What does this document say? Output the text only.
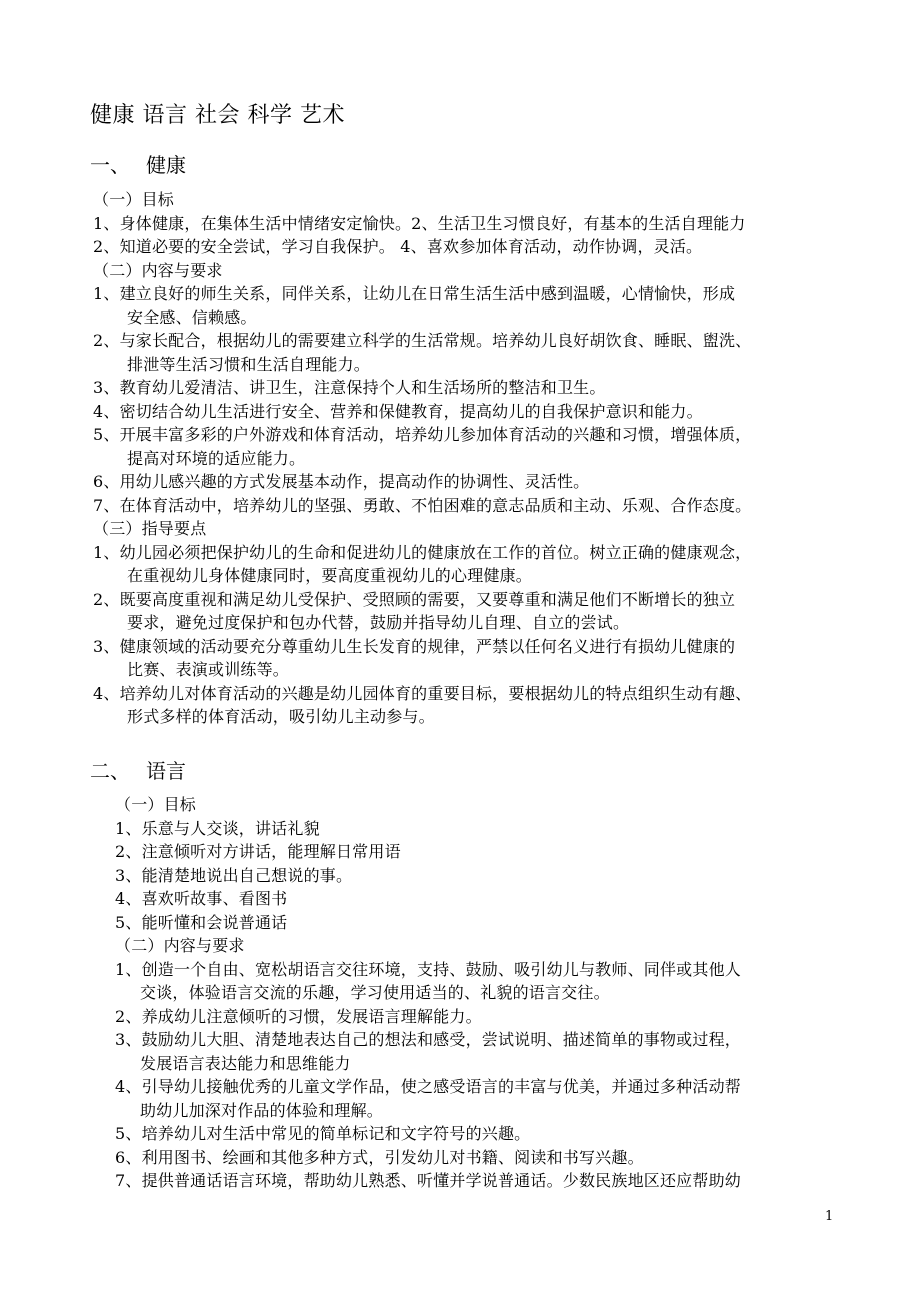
健康 语言 社会 科学 艺术
一、 健康
（一）目标
1、身体健康，在集体生活中情绪安定愉快。2、生活卫生习惯良好，有基本的生活自理能力
2、知道必要的安全尝试，学习自我保护。 4、喜欢参加体育活动，动作协调，灵活。
（二）内容与要求
1、建立良好的师生关系，同伴关系，让幼儿在日常生活生活中感到温暖，心情愉快，形成
安全感、信赖感。
2、与家长配合，根据幼儿的需要建立科学的生活常规。培养幼儿良好胡饮食、睡眠、盥洗、
排泄等生活习惯和生活自理能力。
3、教育幼儿爱清洁、讲卫生，注意保持个人和生活场所的整洁和卫生。
4、密切结合幼儿生活进行安全、营养和保健教育，提高幼儿的自我保护意识和能力。
5、开展丰富多彩的户外游戏和体育活动，培养幼儿参加体育活动的兴趣和习惯，增强体质，
提高对环境的适应能力。
6、用幼儿感兴趣的方式发展基本动作，提高动作的协调性、灵活性。
7、在体育活动中，培养幼儿的坚强、勇敢、不怕困难的意志品质和主动、乐观、合作态度。
（三）指导要点
1、幼儿园必须把保护幼儿的生命和促进幼儿的健康放在工作的首位。树立正确的健康观念，
在重视幼儿身体健康同时，要高度重视幼儿的心理健康。
2、既要高度重视和满足幼儿受保护、受照顾的需要，又要尊重和满足他们不断增长的独立
要求，避免过度保护和包办代替，鼓励并指导幼儿自理、自立的尝试。
3、健康领域的活动要充分尊重幼儿生长发育的规律，严禁以任何名义进行有损幼儿健康的
比赛、表演或训练等。
4、培养幼儿对体育活动的兴趣是幼儿园体育的重要目标，要根据幼儿的特点组织生动有趣、
形式多样的体育活动，吸引幼儿主动参与。
二、 语言
（一）目标
1、乐意与人交谈，讲话礼貌
2、注意倾听对方讲话，能理解日常用语
3、能清楚地说出自己想说的事。
4、喜欢听故事、看图书
5、能听懂和会说普通话
（二）内容与要求
1、创造一个自由、宽松胡语言交往环境，支持、鼓励、吸引幼儿与教师、同伴或其他人
交谈，体验语言交流的乐趣，学习使用适当的、礼貌的语言交往。
2、养成幼儿注意倾听的习惯，发展语言理解能力。
3、鼓励幼儿大胆、清楚地表达自己的想法和感受，尝试说明、描述简单的事物或过程，
发展语言表达能力和思维能力
4、引导幼儿接触优秀的儿童文学作品，使之感受语言的丰富与优美，并通过多种活动帮
助幼儿加深对作品的体验和理解。
5、培养幼儿对生活中常见的简单标记和文字符号的兴趣。
6、利用图书、绘画和其他多种方式，引发幼儿对书籍、阅读和书写兴趣。
7、提供普通话语言环境，帮助幼儿熟悉、听懂并学说普通话。少数民族地区还应帮助幼
1
